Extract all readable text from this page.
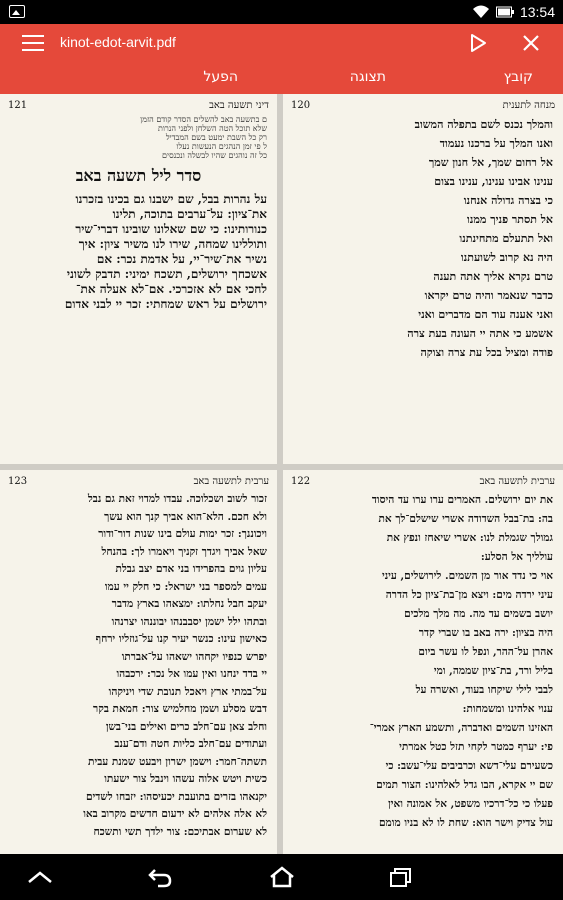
13:54
kinot-edot-arvit.pdf
הפעל	תצוגה	קובץ
דיני תשעה באב
121
ם בתשעה באב להשלים הסדר קודם הזמן
שלא תוכל הטה השלחן ולפני הנרות
רק כל השבת ימעט בשם המבדיל
ל פי זמן הנהגים הנעשות נעלו
כל זה נוהגים שהיו לבשלה ונכנסים
סדר ליל תשעה באב
על נהרות בבל, שם ישבנו גם בכינו בזכרנו
את־ציון: על־ערבים בתוכה, תלינו
כנורותינו: כי שם שאלונו שובינו דברי־שיר
ותוללינו שמחה, שירו לנו משיר ציון: איך
נשיר את־שיר־יי, על אדמת נכר: אם
אשכחך ירושלים, תשכח ימיני: תדבק לשוני
לחכי אם לא אזכרכי. אם־לא אעלה את־
ירושלים על ראש שמחתי: זכר יי לבני אדום
מנחה לתענית
120
והמלך נכנס לשם בתפלה המשוב
ואנו המלך על ברכנו נעמוד
אל רחום שמך, אל חנון שמך
ענינו אבינו ענינו, ענינו בצום
כי בצרה גדולה אנחנו
אל תסתר פניך ממנו
ואל תתעלם מתחינתנו
היה נא קרוב לשועתנו
טרם נקרא אליך אתה תענה
כדבר שנאמר והיה טרם יקראו
ואני אענה עוד הם מדברים ואני
אשמע כי אתה יי העונה בעת צרה
פודה ומציל בכל עת צרה וצוקה
ערבית לתשעה באב
123
זכור לשוב ושכלוכה. עבדו למדוי זאת גם נבל
ולא חכם. הלא־הוא אביך קנך הוא עשך
ויכוננך: זכר ימות עולם בינו שנות דור־ודור
שאל אביך ויגדך זקניך ויאמרו לך: בהנחל
עליון גוים בהפרידו בני אדם יצב גבלת
עמים למספר בני ישראל: כי חלק יי עמו
יעקב חבל נחלתו: ימצאהו בארץ מדבר
ובתהו ילל ישמן יסבבנהו יבוננהו יצרנהו
כאישון עינו: כנשר יעיר קנו על־גוזליו ירחף
יפרש כנפיו יקחהו ישאהו על־אברתו
יי בדד ינחנו ואין עמו אל נכר: ירכבהו
על־במתי ארץ ויאכל תנובת שדי ויניקהו
דבש מסלע ושמן מחלמיש צור: חמאת בקר
וחלב צאן עם־חלב כרים ואילים בני־בשן
ועתודים עם־חלב כליות חטה ודם־ענב
תשתה־חמר: וישמן ישרון ויבעט שמנת עבית
כשית ויטש אלוה עשהו וינבל צור ישעתו
יקנאהו בזרים בתועבת יכעיסהו: יזבחו לשדים
לא אלה אלהים לא ידעום חדשים מקרוב באו
לא שערום אבתיכם: צור ילדך תשי ותשכח
ערבית לתשעה באב
122
את יום ירושלים. האמרים ערו ערו עד היסוד
בה: בת־בבל השדודה אשרי שישלם־לך את
גמולך שגמלת לנו: אשרי שיאחז ונפץ את
עולליך אל הסלע:
אוי כי נדד אור מן השמים. לירושלים, עיני
עיני ירדה מים: ויצא מן־בת־ציון כל הדרה
יושב בשמים עד מה. מה מלך מלכים
היה בציון: ירה באב בו שברי קדר
אהרן על־ההר, ונפל לו עשר ביום
בליל ורד, בת־ציון שממה, ומי
לבבי לילי שיקחו בעוד, ואשרה על
ענוי אלהינו ומשמחות:
האזינו השמים ואדברה, ותשמע הארץ אמרי־
פי: יערף כמטר לקחי תזל כטל אמרתי
כשעירם עלי־דשא וכרביבים עלי־עשב: כי
שם יי אקרא, הבו גדל לאלהינו: הצור תמים
פעלו כי כל־דרכיו משפט, אל אמונה ואין
עול צדיק וישר הוא: שחת לו לא בניו מומם
